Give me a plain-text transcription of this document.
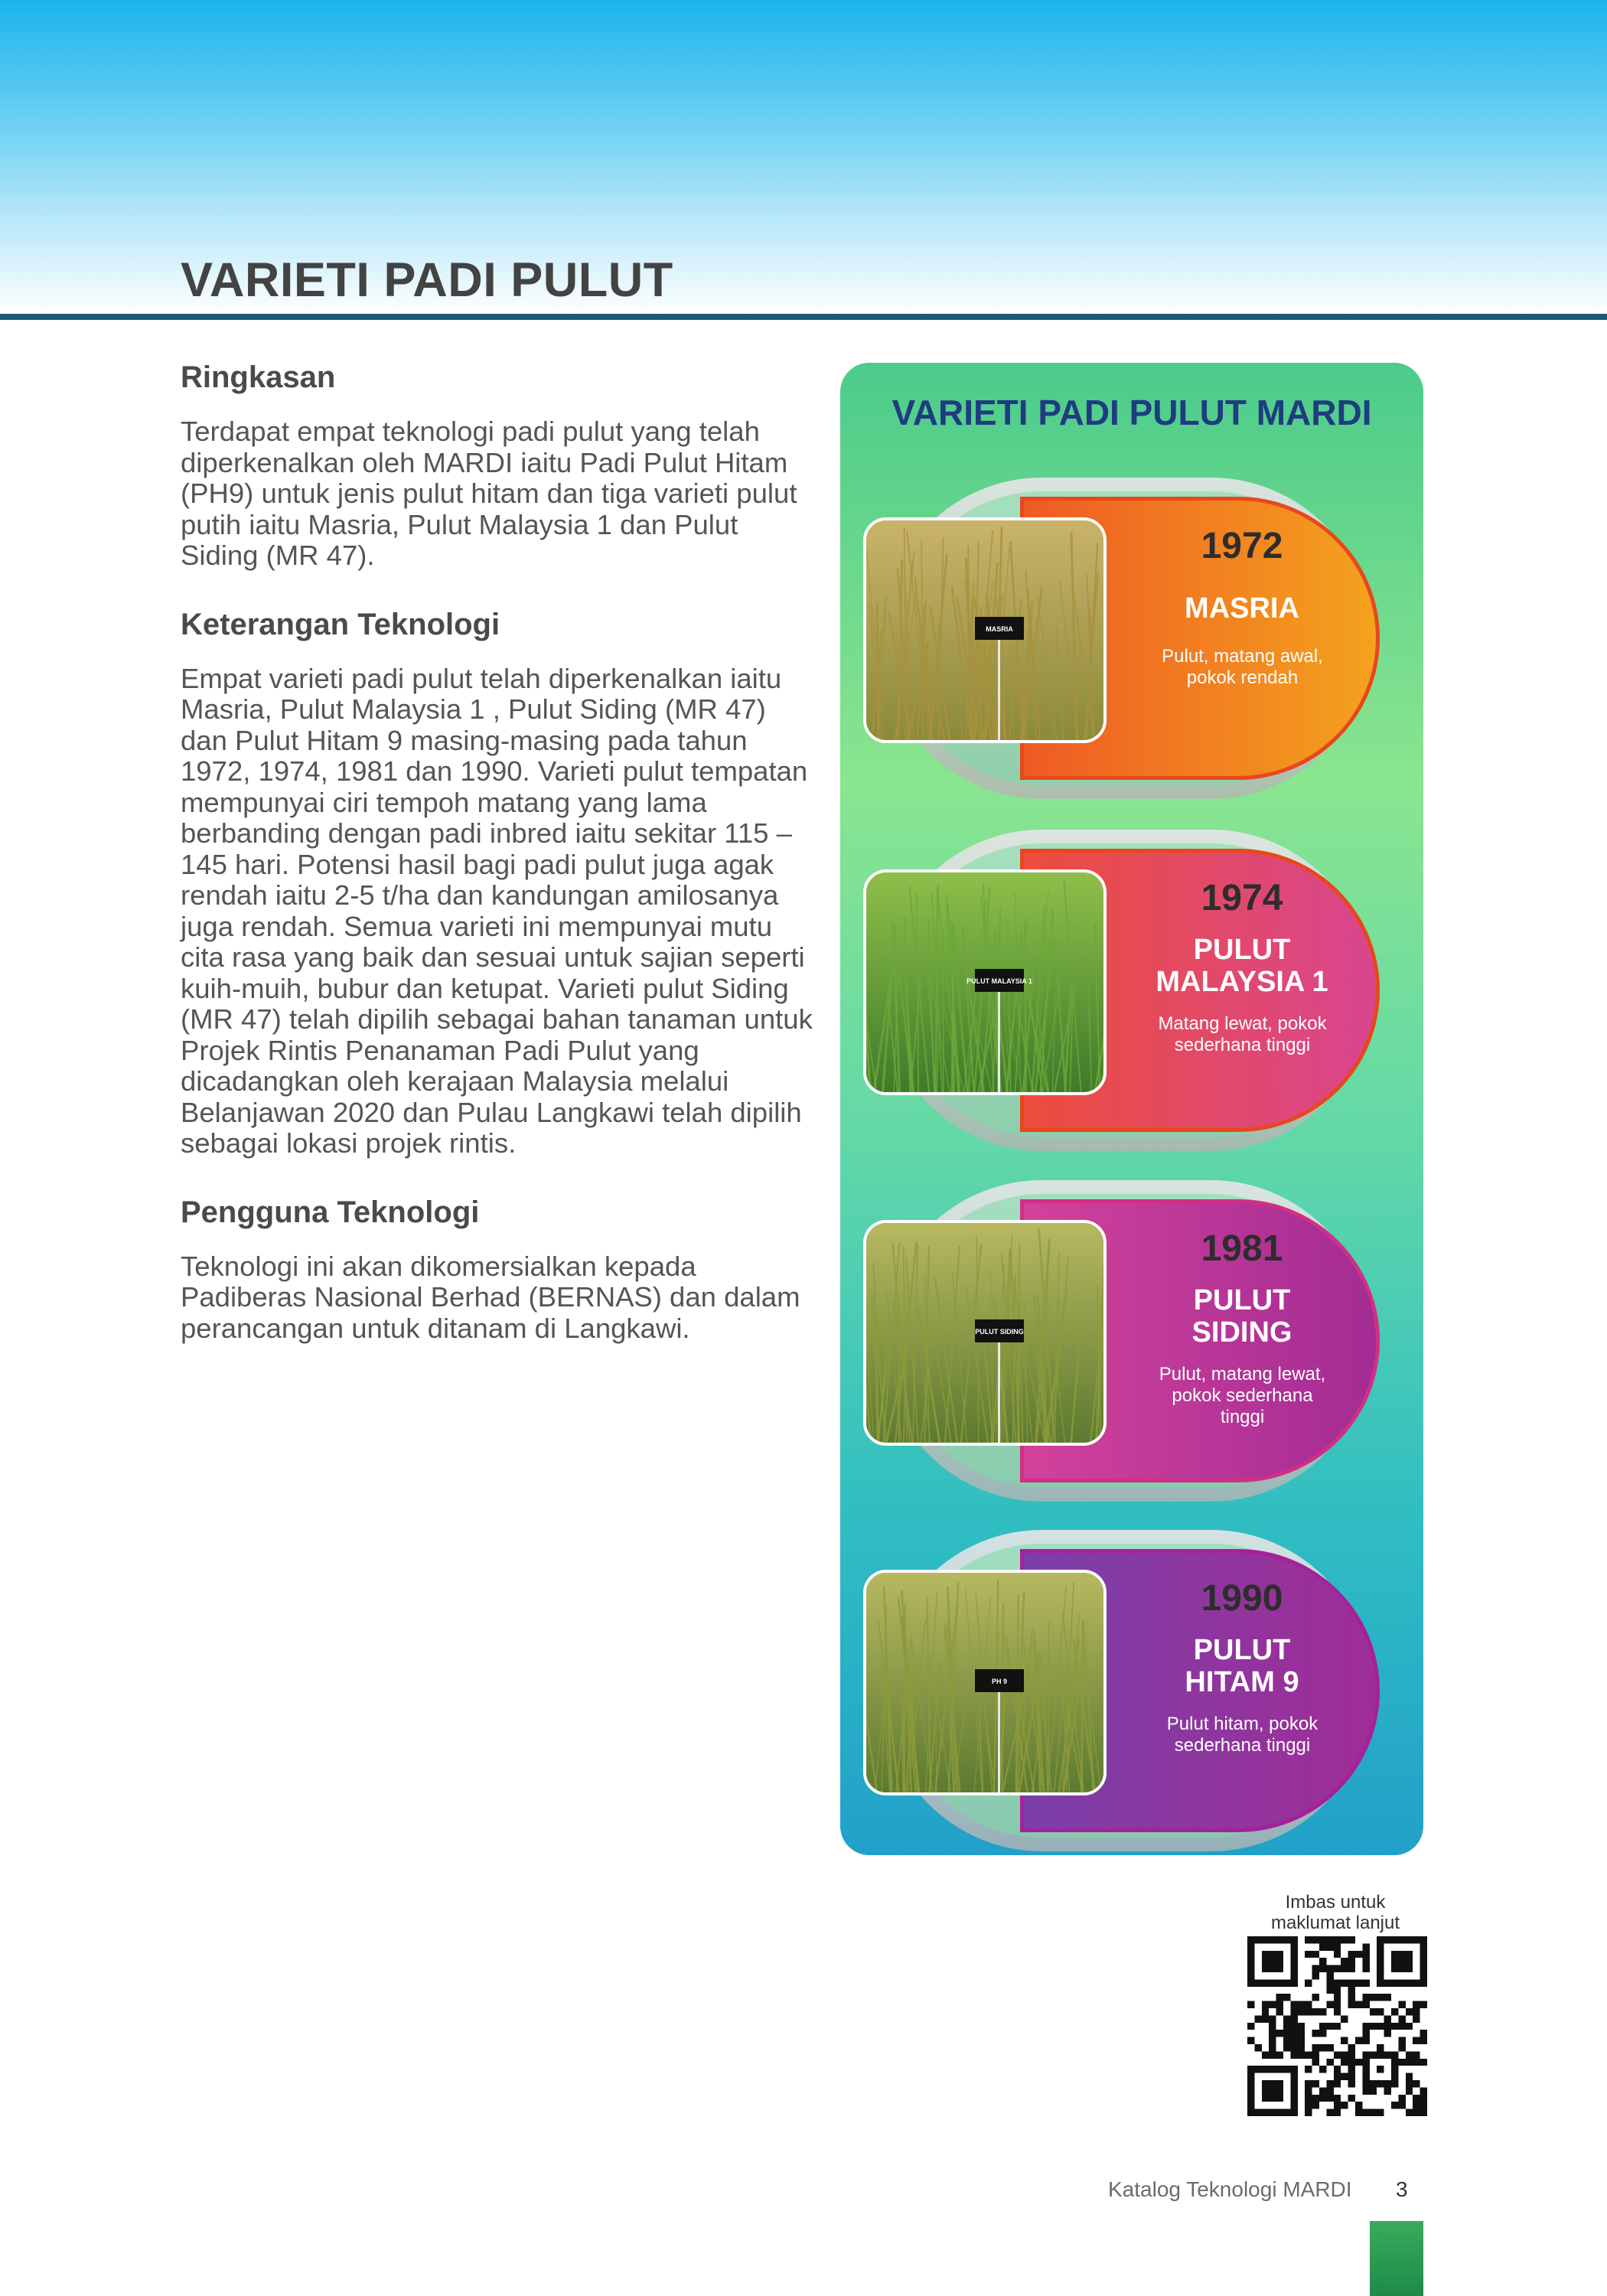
VARIETI PADI PULUT
Ringkasan

Terdapat empat teknologi padi pulut yang telah diperkenalkan oleh MARDI iaitu Padi Pulut Hitam (PH9) untuk jenis pulut hitam dan tiga varieti pulut putih iaitu Masria, Pulut Malaysia 1 dan Pulut Siding (MR 47).

Keterangan Teknologi

Empat varieti padi pulut telah diperkenalkan iaitu Masria, Pulut Malaysia 1 , Pulut Siding (MR 47) dan Pulut Hitam 9 masing-masing pada tahun 1972, 1974, 1981 dan 1990. Varieti pulut tempatan mempunyai ciri tempoh matang yang lama berbanding dengan padi inbred iaitu sekitar 115 – 145 hari. Potensi hasil bagi padi pulut juga agak rendah iaitu 2-5 t/ha dan kandungan amilosanya juga rendah. Semua varieti ini mempunyai mutu cita rasa yang baik dan sesuai untuk sajian seperti kuih-muih, bubur dan ketupat. Varieti pulut Siding (MR 47) telah dipilih sebagai bahan tanaman untuk Projek Rintis Penanaman Padi Pulut yang dicadangkan oleh kerajaan Malaysia melalui Belanjawan 2020 dan Pulau Langkawi telah dipilih sebagai lokasi projek rintis.

Pengguna Teknologi

Teknologi ini akan dikomersialkan kepada Padiberas Nasional Berhad (BERNAS) dan dalam perancangan untuk ditanam di Langkawi.

VARIETI PADI PULUT MARDI
MASRIA
1972
MASRIA
Pulut, matang awal,
pokok rendah
PULUT MALAYSIA 1
1974
PULUT
MALAYSIA 1
Matang lewat, pokok
sederhana tinggi
PULUT SIDING
1981
PULUT
SIDING
Pulut, matang lewat,
pokok sederhana
tinggi
PH 9
1990
PULUT
HITAM 9
Pulut hitam, pokok
sederhana tinggi
Imbas untuk
maklumat lanjut
Katalog Teknologi MARDI 3
